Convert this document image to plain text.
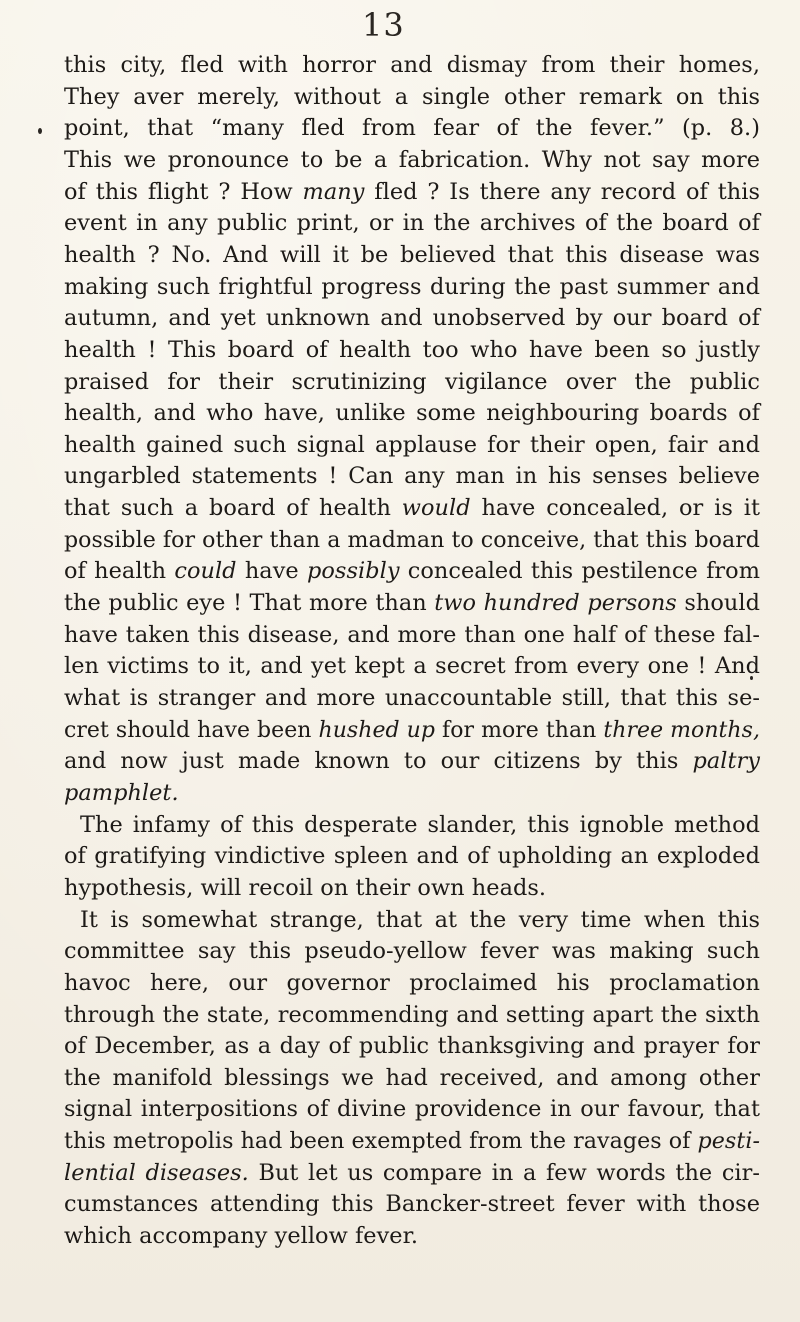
13
this city, fled with horror and dismay from their homes,
They aver merely, without a single other remark on this
point, that “many fled from fear of the fever.” (p. 8.)
This we pronounce to be a fabrication. Why not say more
of this flight ? How many fled ? Is there any record of this
event in any public print, or in the archives of the board of
health ? No. And will it be believed that this disease was
making such frightful progress during the past summer and
autumn, and yet unknown and unobserved by our board of
health ! This board of health too who have been so justly
praised for their scrutinizing vigilance over the public
health, and who have, unlike some neighbouring boards of
health gained such signal applause for their open, fair and
ungarbled statements ! Can any man in his senses believe
that such a board of health would have concealed, or is it
possible for other than a madman to conceive, that this board
of health could have possibly concealed this pestilence from
the public eye ! That more than two hundred persons should
have taken this disease, and more than one half of these fal-
len victims to it, and yet kept a secret from every one ! And
what is stranger and more unaccountable still, that this se-
cret should have been hushed up for more than three months,
and now just made known to our citizens by this paltry
pamphlet.
The infamy of this desperate slander, this ignoble method
of gratifying vindictive spleen and of upholding an exploded
hypothesis, will recoil on their own heads.
It is somewhat strange, that at the very time when this
committee say this pseudo-yellow fever was making such
havoc here, our governor proclaimed his proclamation
through the state, recommending and setting apart the sixth
of December, as a day of public thanksgiving and prayer for
the manifold blessings we had received, and among other
signal interpositions of divine providence in our favour, that
this metropolis had been exempted from the ravages of pesti-
lential diseases. But let us compare in a few words the cir-
cumstances attending this Bancker-street fever with those
which accompany yellow fever.
